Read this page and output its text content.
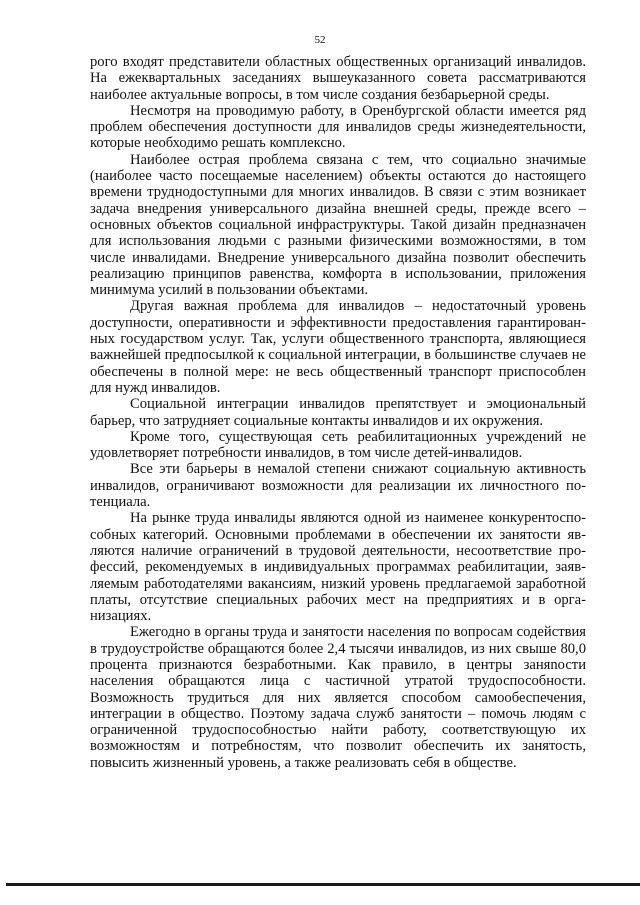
52

рого входят представители областных общественных организаций инвалидов. На ежеквартальных заседаниях вышеуказанного совета рассматриваются наиболее актуальные вопросы, в том числе создания безбарьерной среды.

Несмотря на проводимую работу, в Оренбургской области имеется ряд проблем обеспечения доступности для инвалидов среды жизнедеятельности, которые необходимо решать комплексно.

Наиболее острая проблема связана с тем, что социально значимые (наиболее часто посещаемые населением) объекты остаются до настоящего времени труднодоступными для многих инвалидов. В связи с этим возникает задача внедрения универсального дизайна внешней среды, прежде всего – основных объектов социальной инфраструктуры. Такой дизайн предназначен для использования людьми с разными физическими возможностями, в том числе инвалидами. Внедрение универсального дизайна позволит обеспечить реализацию принципов равенства, комфорта в использовании, приложения минимума усилий в пользовании объектами.

Другая важная проблема для инвалидов – недостаточный уровень доступности, оперативности и эффективности предоставления гарантированных государством услуг. Так, услуги общественного транспорта, являющиеся важнейшей предпосылкой к социальной интеграции, в большинстве случаев не обеспечены в полной мере: не весь общественный транспорт приспособлен для нужд инвалидов.

Социальной интеграции инвалидов препятствует и эмоциональный барьер, что затрудняет социальные контакты инвалидов и их окружения.

Кроме того, существующая сеть реабилитационных учреждений не удовлетворяет потребности инвалидов, в том числе детей-инвалидов.

Все эти барьеры в немалой степени снижают социальную активность инвалидов, ограничивают возможности для реализации их личностного потенциала.

На рынке труда инвалиды являются одной из наименее конкурентоспособных категорий. Основными проблемами в обеспечении их занятости являются наличие ограничений в трудовой деятельности, несоответствие профессий, рекомендуемых в индивидуальных программах реабилитации, заявляемым работодателями вакансиям, низкий уровень предлагаемой заработной платы, отсутствие специальных рабочих мест на предприятиях и в организациях.

Ежегодно в органы труда и занятости населения по вопросам содействия в трудоустройстве обращаются более 2,4 тысячи инвалидов, из них свыше 80,0 процента признаются безработными. Как правило, в центры заняnости населения обращаются лица с частичной утратой трудоспособности. Возможность трудиться для них является способом самообеспечения, интеграции в общество. Поэтому задача служб занятости – помочь людям с ограниченной трудоспособностью найти работу, соответствующую их возможностям и потребностям, что позволит обеспечить их занятость, повысить жизненный уровень, а также реализовать себя в обществе.
